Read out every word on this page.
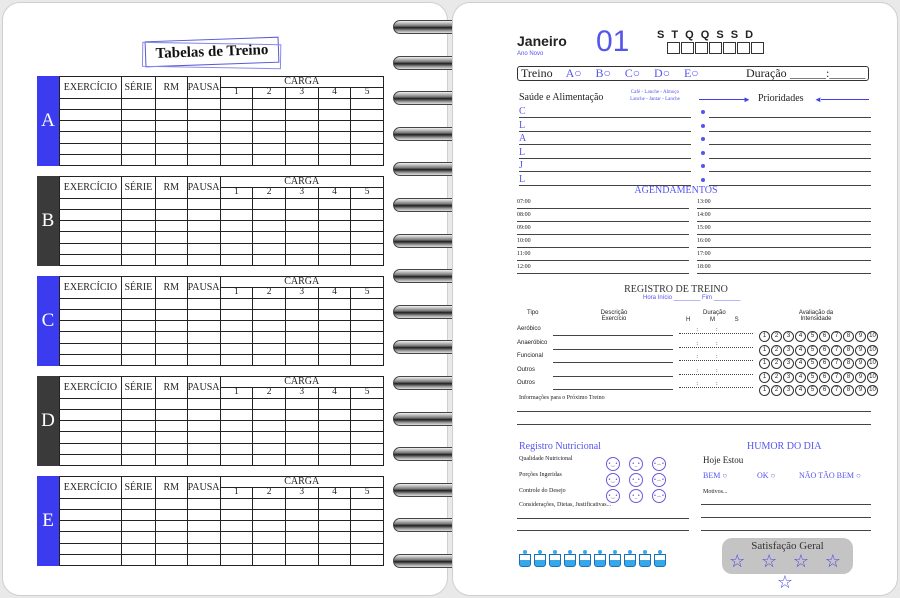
Tabelas de Treino
A
EXERCÍCIO	SÉRIE	RM	PAUSA	CARGA				
				1	2	3	4	5

B
EXERCÍCIO	SÉRIE	RM	PAUSA	CARGA				
				1	2	3	4	5

C
EXERCÍCIO	SÉRIE	RM	PAUSA	CARGA				
				1	2	3	4	5

D
EXERCÍCIO	SÉRIE	RM	PAUSA	CARGA				
				1	2	3	4	5

E
EXERCÍCIO	SÉRIE	RM	PAUSA	CARGA				
				1	2	3	4	5

Janeiro
Ano Novo 01	S T Q Q S S D
Treino A○ B○ C○ D○ E○	Duração ______:______
Saúde e Alimentação	Café - Lanche - Almoço
Lanche - Jantar - Lanche	► Prioridades ◄
AGENDAMENTOS
REGISTRO DE TREINO
Hora Início ________ Fim ________
Tipo	Descrição
Exercício
Duração
H M S
Avaliação da
Intensidade
Informações para o Próximo Treino
Registro Nutricional
Considerações, Dietas, Justificativas...
HUMOR DO DIA
Hoje Estou
Motivos...
Satisfação Geral
☆ ☆ ☆ ☆ ☆
C
L
A
L
J
L
07:00	13:00
08:00	14:00
09:00	15:00
10:00	16:00
11:00	17:00
12:00	18:00
Aeróbico	::
1 2 3 4 5 6 7 8 9 10
Anaeróbico	::
1 2 3 4 5 6 7 8 9 10
Funcional	::
1 2 3 4 5 6 7 8 9 10
Outros	::
1 2 3 4 5 6 7 8 9 10
Outros	::
1 2 3 4 5 6 7 8 9 10
Qualidade Nutricional
•‿•	•_•	•︵•
Porções Ingeridas
•‿•	•_•	•︵•
Controle do Desejo
•‿•	•_•	•︵•
BEM ○	OK ○	NÃO TÃO BEM ○
